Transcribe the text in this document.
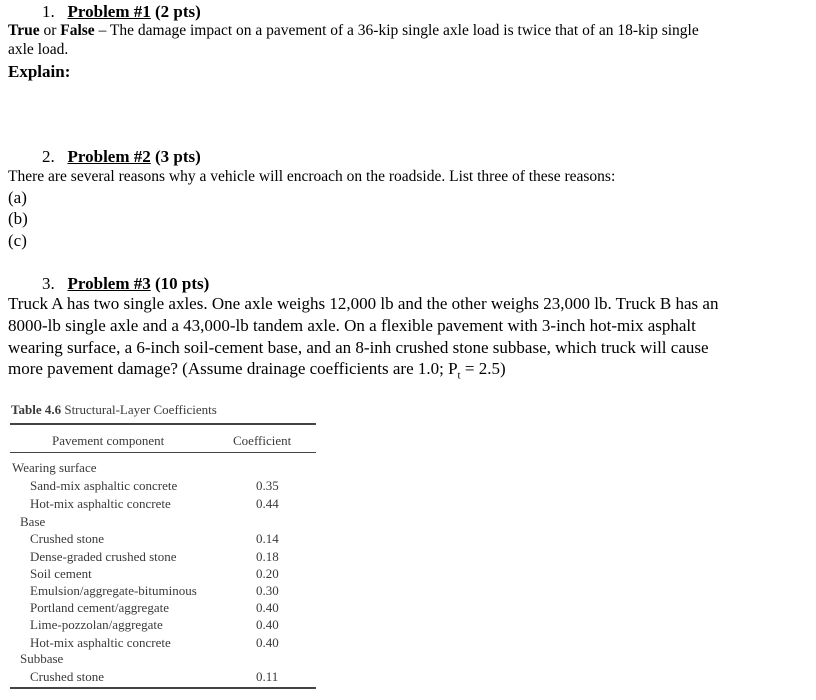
1. Problem #1 (2 pts)
True or False – The damage impact on a pavement of a 36-kip single axle load is twice that of an 18-kip single
axle load.
Explain:
2. Problem #2 (3 pts)
There are several reasons why a vehicle will encroach on the roadside. List three of these reasons:
(a)
(b)
(c)
3. Problem #3 (10 pts)
Truck A has two single axles. One axle weighs 12,000 lb and the other weighs 23,000 lb. Truck B has an
8000-lb single axle and a 43,000-lb tandem axle. On a flexible pavement with 3-inch hot-mix asphalt
wearing surface, a 6-inch soil-cement base, and an 8-inh crushed stone subbase, which truck will cause
more pavement damage? (Assume drainage coefficients are 1.0; $P_t = 2.5$)
Table 4.6 Structural-Layer Coefficients
Pavement component	Coefficient
Wearing surface
Sand-mix asphaltic concrete	0.35
Hot-mix asphaltic concrete	0.44
Base
Crushed stone	0.14
Dense-graded crushed stone	0.18
Soil cement	0.20
Emulsion/aggregate-bituminous	0.30
Portland cement/aggregate	0.40
Lime-pozzolan/aggregate	0.40
Hot-mix asphaltic concrete	0.40
Subbase
Crushed stone	0.11
